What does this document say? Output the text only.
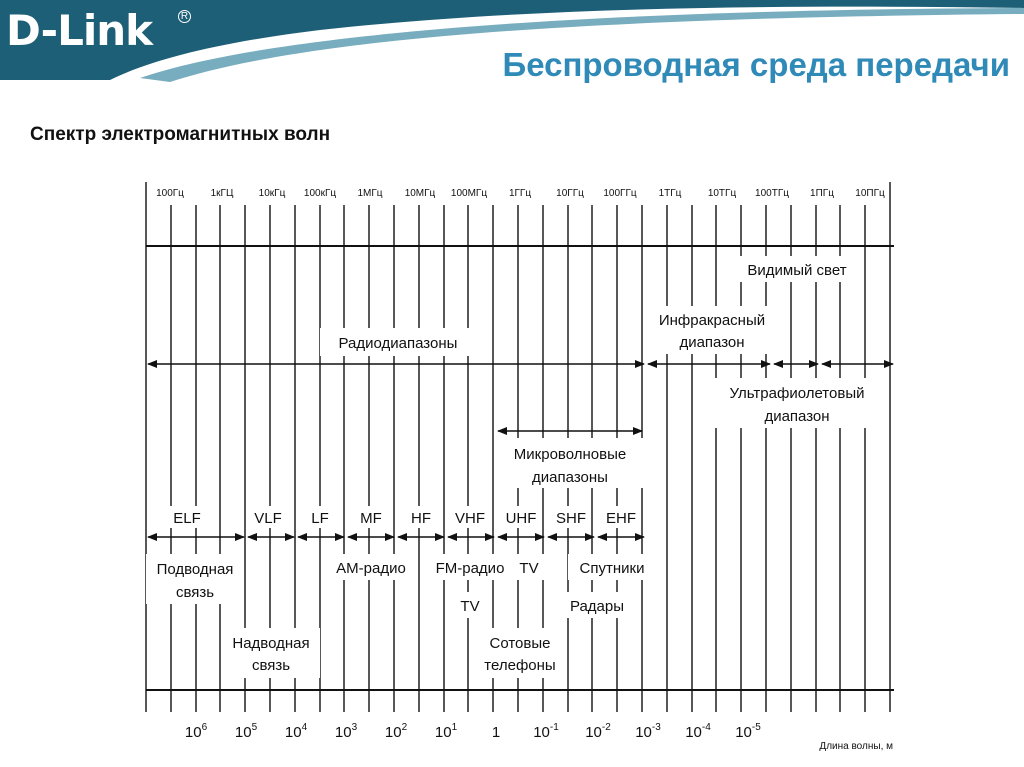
D-Link	R
Беспроводная среда передачи
Спектр электромагнитных волн
100Гц	1кГЦ	10кГц 100кГц 1МГц 10МГц 100МГц 1ГГц	10ГГц 100ГГц 1ТГц	10ТГц 100ТГц 1ПГц 10ПГц
Радиодиапазоны
Инфракрасный
диапазон
Видимый свет
Ультрафиолетовый
диапазон
Микроволновые
диапазоны
ELF	VLF LF MF HF VHF UHF SHF EHF
Подводная
связь
Надводная
связь
AM-радио FM-радио TV
TV
Сотовые
телефоны
Спутники
Радары
$10^6$ $10^5$ $10^4$ $10^3$ $10^2$ $10^1$ 1 $10^{-1}$ $10^{-2}$ $10^{-3}$ $10^{-4}$ $10^{-5}$
Длина волны, м
